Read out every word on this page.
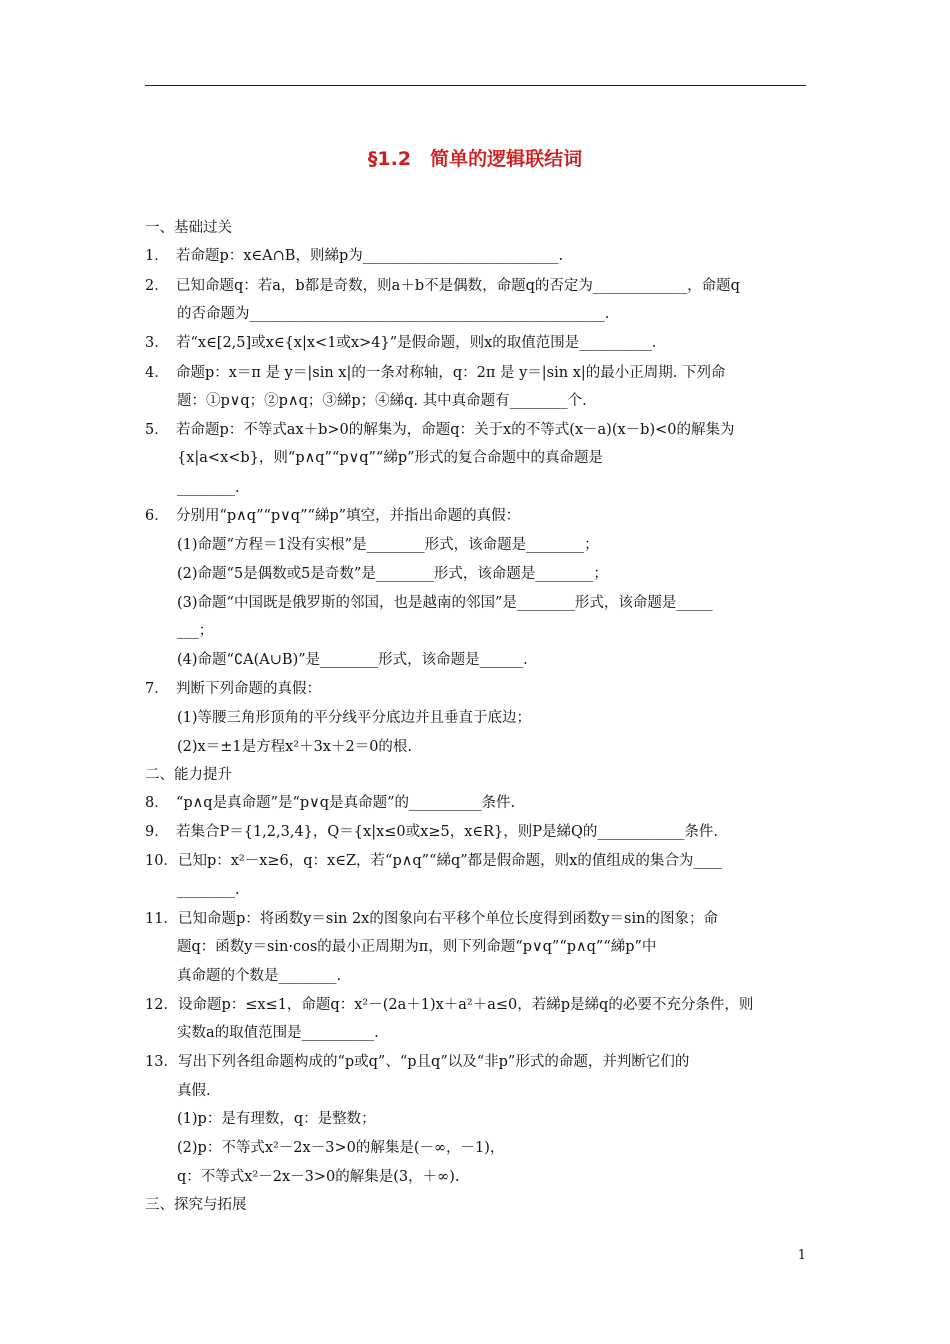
§1.2　简单的逻辑联结词
一、基础过关
1．　若命题p：x∈A∩B，则綈p为___________________________.
2．　已知命题q：若a，b都是奇数，则a＋b不是偶数，命题q的否定为_____________，命题q
的否命题为_________________________________________________.
3．　若“x∈[2,5]或x∈{x|x<1或x>4}”是假命题，则x的取值范围是__________.
4．　命题p：x＝π 是 y＝|sin x|的一条对称轴，q：2π 是 y＝|sin x|的最小正周期. 下列命
题：①p∨q；②p∧q；③綈p；④綈q. 其中真命题有________个.
5．　若命题p：不等式ax＋b>0的解集为，命题q：关于x的不等式(x－a)(x－b)<0的解集为
{x|a<x<b}，则“p∧q”“p∨q”“綈p”形式的复合命题中的真命题是
________.
6．　分别用“p∧q”“p∨q”“綈p”填空，并指出命题的真假：
(1)命题“方程＝1没有实根”是________形式，该命题是________；
(2)命题“5是偶数或5是奇数”是________形式，该命题是________；
(3)命题“中国既是俄罗斯的邻国，也是越南的邻国”是________形式，该命题是_____
___；
(4)命题“∁A(A∪B)”是________形式，该命题是______.
7．　判断下列命题的真假：
(1)等腰三角形顶角的平分线平分底边并且垂直于底边；
(2)x＝±1是方程x²＋3x＋2＝0的根.
二、能力提升
8．　“p∧q是真命题”是“p∨q是真命题”的__________条件.
9．　若集合P＝{1,2,3,4}，Q＝{x|x≤0或x≥5，x∈R}，则P是綈Q的____________条件.
10．已知p：x²－x≥6，q：x∈Z，若“p∧q”“綈q”都是假命题，则x的值组成的集合为____
________.
11．已知命题p：将函数y＝sin 2x的图象向右平移个单位长度得到函数y＝sin的图象；命
题q：函数y＝sin·cos的最小正周期为π，则下列命题“p∨q”“p∧q”“綈p”中
真命题的个数是________.
12．设命题p：≤x≤1，命题q：x²－(2a＋1)x＋a²＋a≤0，若綈p是綈q的必要不充分条件，则
实数a的取值范围是__________.
13．写出下列各组命题构成的“p或q”、“p且q”以及“非p”形式的命题，并判断它们的
真假.
(1)p：是有理数，q：是整数；
(2)p：不等式x²－2x－3>0的解集是(－∞，－1)，
q：不等式x²－2x－3>0的解集是(3，＋∞).
三、探究与拓展
1
